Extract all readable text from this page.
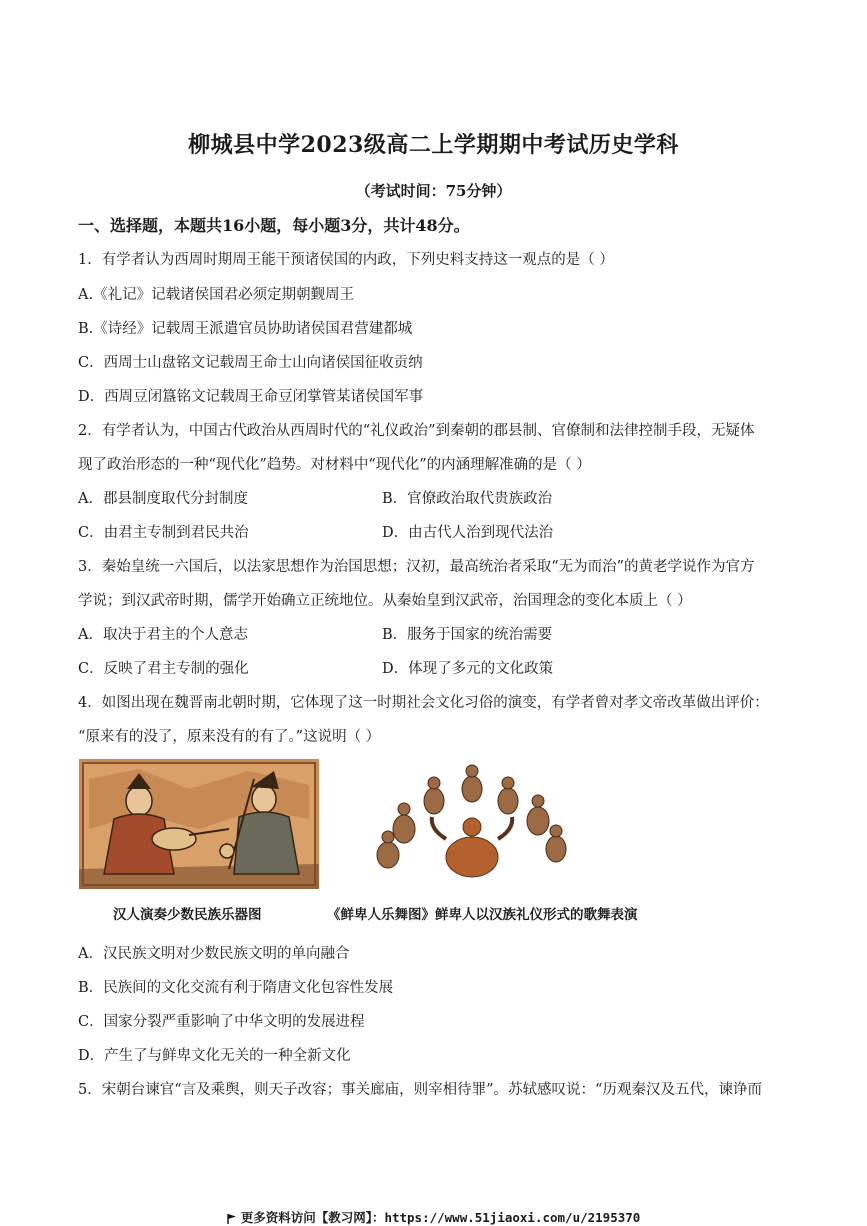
柳城县中学2023级高二上学期期中考试历史学科
（考试时间：75分钟）
一、选择题，本题共16小题，每小题3分，共计48分。
1．有学者认为西周时期周王能干预诸侯国的内政，下列史料支持这一观点的是（ ）
A.《礼记》记载诸侯国君必须定期朝觐周王
B.《诗经》记载周王派遣官员协助诸侯国君营建都城
C．西周士山盘铭文记载周王命士山向诸侯国征收贡纳
D．西周豆闭簋铭文记载周王命豆闭掌管某诸侯国军事
2．有学者认为，中国古代政治从西周时代的“礼仪政治”到秦朝的郡县制、官僚制和法律控制手段，无疑体
现了政治形态的一种“现代化”趋势。对材料中“现代化”的内涵理解准确的是（ ）
A．郡县制度取代分封制度	B．官僚政治取代贵族政治
C．由君主专制到君民共治	D．由古代人治到现代法治
3．秦始皇统一六国后，以法家思想作为治国思想；汉初，最高统治者采取“无为而治”的黄老学说作为官方
学说；到汉武帝时期，儒学开始确立正统地位。从秦始皇到汉武帝，治国理念的变化本质上（ ）
A．取决于君主的个人意志	B．服务于国家的统治需要
C．反映了君主专制的强化	D．体现了多元的文化政策
4．如图出现在魏晋南北朝时期，它体现了这一时期社会文化习俗的演变，有学者曾对孝文帝改革做出评价：
“原来有的没了，原来没有的有了。”这说明（ ）
汉人演奏少数民族乐器图	《鲜卑人乐舞图》鲜卑人以汉族礼仪形式的歌舞表演
A．汉民族文明对少数民族文明的单向融合
B．民族间的文化交流有利于隋唐文化包容性发展
C．国家分裂严重影响了中华文明的发展进程
D．产生了与鲜卑文化无关的一种全新文化
5．宋朝台谏官“言及乘舆，则天子改容；事关廊庙，则宰相待罪”。苏轼感叹说：“历观秦汉及五代，谏诤而
更多资料访问【教习网】：https://www.51jiaoxi.com/u/2195370
